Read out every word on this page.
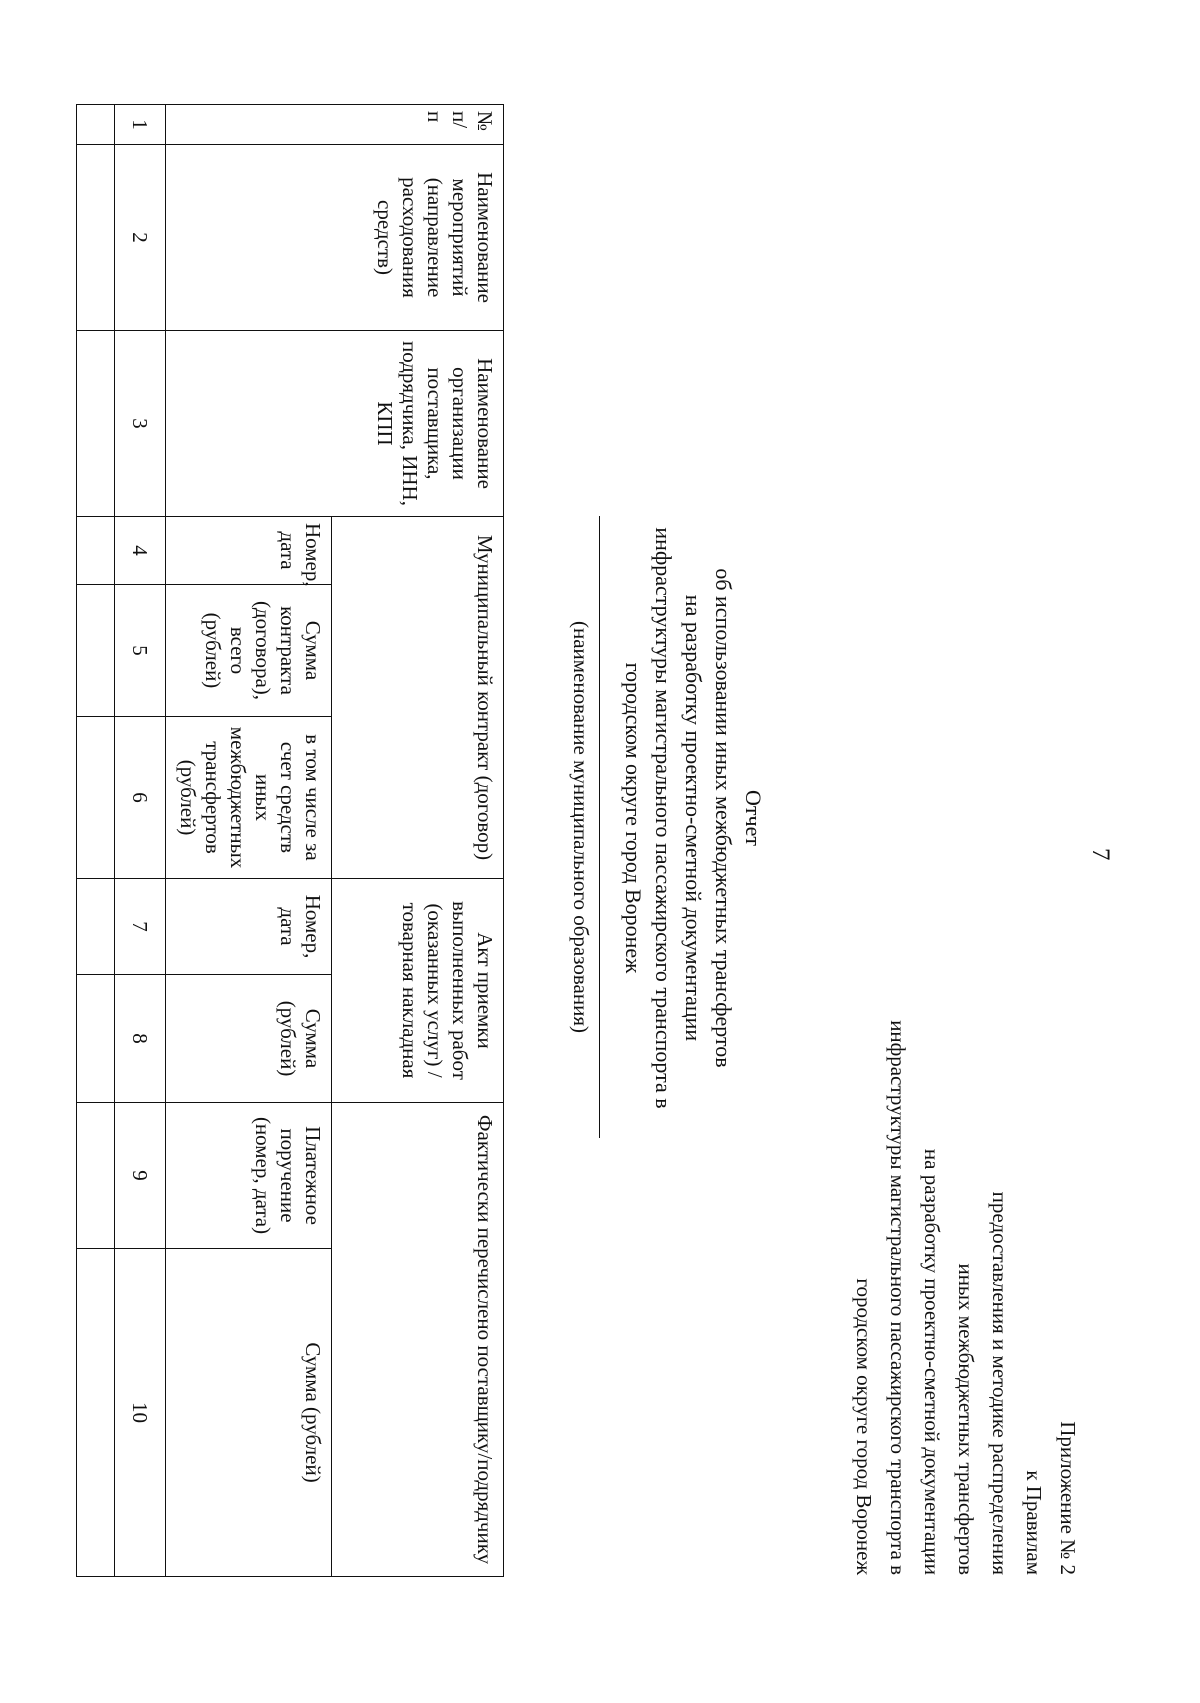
7
Приложение № 2
к Правилам
предоставления и методике распределения
иных межбюджетных трансфертов
на разработку проектно-сметной документации
инфраструктуры магистрального пассажирского транспорта в
городском округе город Воронеж
Отчет
об использовании иных межбюджетных трансфертов
на разработку проектно-сметной документации
инфраструктуры магистрального пассажирского транспорта в
городском округе город Воронеж
(наименование муниципального образования)
№ п/п	Наименование мероприятий (направление расходования средств)	Наименование организации поставщика, подрядчика, ИНН, КПП	Муниципальный контракт (договор)			Акт приемки выполненных работ (оказанных услуг) / товарная накладная		Фактически перечислено поставщику/подрядчику	
			Номер, дата	Сумма контракта (договора), всего (рублей)	в том числе за счет средств иных межбюджетных трансфертов (рублей)	Номер, дата	Сумма (рублей)	Платежное поручение (номер, дата)	Сумма (рублей)
1	2	3	4	5	6	7	8	9	10
